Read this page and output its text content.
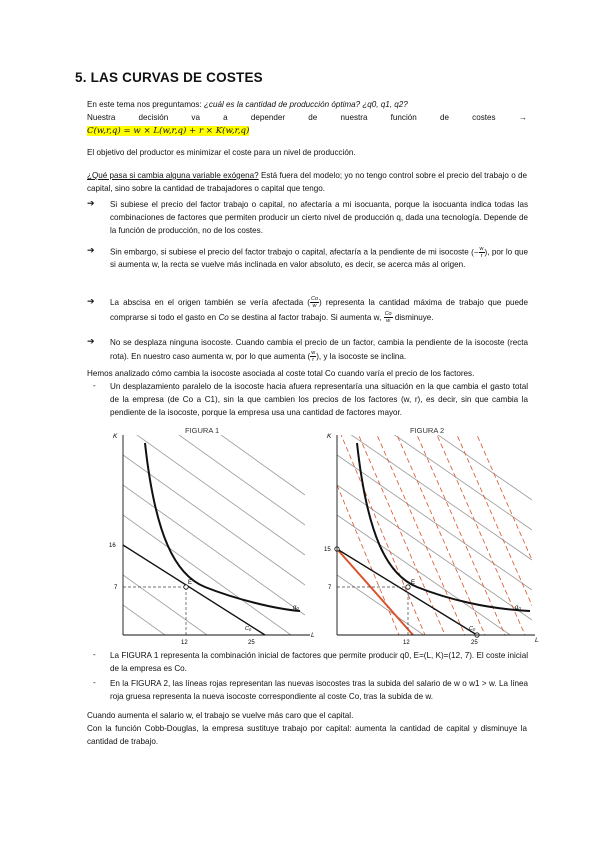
5. LAS CURVAS DE COSTES
En este tema nos preguntamos: ¿cuál es la cantidad de producción óptima? ¿q0, q1, q2?
Nuestra	decisión	va	a	depender	de	nuestra	función	de	costes	→
C(w,r,q) = w × L(w,r,q) + r × K(w,r,q)
El objetivo del productor es minimizar el coste para un nivel de producción.
¿Qué pasa si cambia alguna variable exógena? Está fuera del modelo; yo no tengo control sobre el precio del trabajo o de capital, sino sobre la cantidad de trabajadores o capital que tengo.
➔ Si subiese el precio del factor trabajo o capital, no afectaría a mi isocuanta, porque la isocuanta indica todas las combinaciones de factores que permiten producir un cierto nivel de producción q, dada una tecnología. Depende de la función de producción, no de los costes.
➔ Sin embargo, si subiese el precio del factor trabajo o capital, afectaría a la pendiente de mi isocoste (− $\frac{w}{r}$ ), por lo que si aumenta w, la recta se vuelve más inclinada en valor absoluto, es decir, se acerca más al origen.
➔ La abscisa en el origen también se vería afectada ( $\frac{Co}{w}$ ) representa la cantidad máxima de trabajo que puede comprarse si todo el gasto en Co se destina al factor trabajo. Si aumenta w, $\frac{Co}{w}$ disminuye.
➔ No se desplaza ninguna isocoste. Cuando cambia el precio de un factor, cambia la pendiente de la isocoste (recta rota). En nuestro caso aumenta w, por lo que aumenta ( $\frac{w}{r}$ ), y la isocoste se inclina.
Hemos analizado cómo cambia la isocoste asociada al coste total Co cuando varía el precio de los factores.
- Un desplazamiento paralelo de la isocoste hacia afuera representaría una situación en la que cambia el gasto total de la empresa (de Co a C1), sin la que cambien los precios de los factores (w, r), es decir, sin que cambia la pendiente de la isocoste, porque la empresa usa una cantidad de factores mayor.
FIGURA 1
K
L
16
7
12	25
E
q₀
C₀
FIGURA 2
K
L
15
7
12	25
E
q₀
C₀
- La FIGURA 1 representa la combinación inicial de factores que permite producir q0, E=(L, K)=(12, 7). El coste inicial de la empresa es Co.
- En la FIGURA 2, las líneas rojas representan las nuevas isocostes tras la subida del salario de w o w1 > w. La línea roja gruesa representa la nueva isocoste correspondiente al coste Co, tras la subida de w.
Cuando aumenta el salario w, el trabajo se vuelve más caro que el capital.
Con la función Cobb-Douglas, la empresa sustituye trabajo por capital: aumenta la cantidad de capital y disminuye la cantidad de trabajo.
